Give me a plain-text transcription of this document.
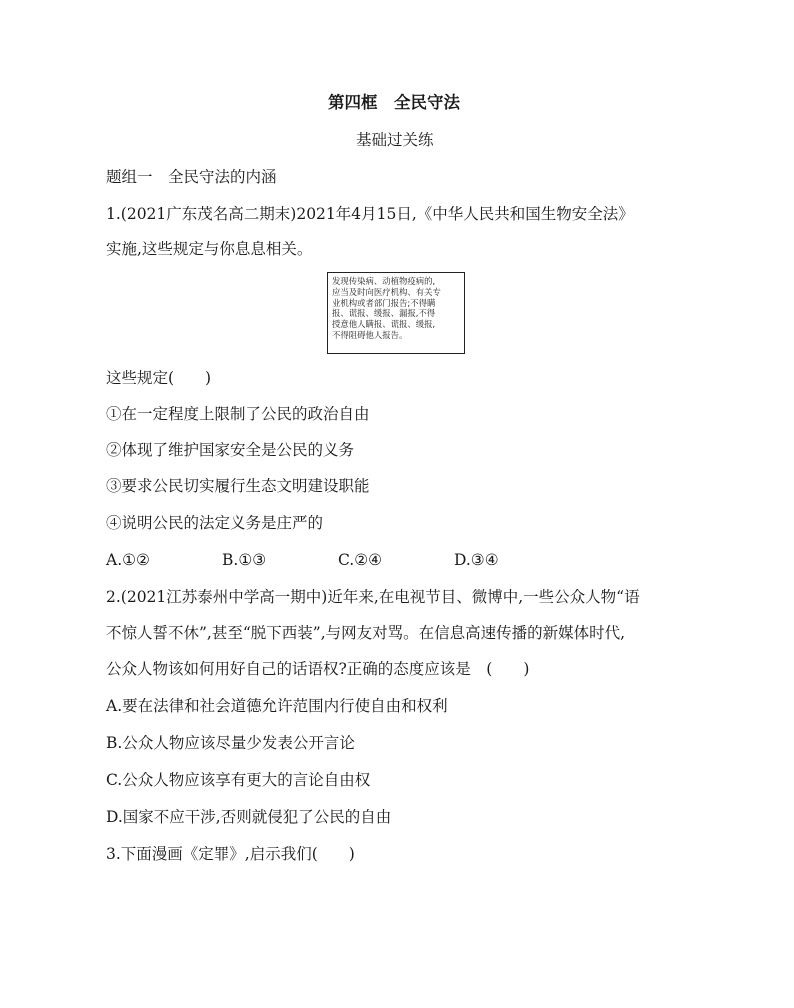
第四框　全民守法
基础过关练
题组一　全民守法的内涵
1.(2021广东茂名高二期末)2021年4月15日,《中华人民共和国生物安全法》
实施,这些规定与你息息相关。
发现传染病、动植物疫病的,
应当及时向医疗机构、有关专
业机构或者部门报告;不得瞒
报、谎报、缓报、漏报,不得
授意他人瞒报、谎报、缓报,
不得阻碍他人报告。
这些规定(　　)
①在一定程度上限制了公民的政治自由
②体现了维护国家安全是公民的义务
③要求公民切实履行生态文明建设职能
④说明公民的法定义务是庄严的
A.①②	B.①③	C.②④	D.③④
2.(2021江苏泰州中学高一期中)近年来,在电视节目、微博中,一些公众人物“语
不惊人誓不休”,甚至“脱下西装”,与网友对骂。在信息高速传播的新媒体时代,
公众人物该如何用好自己的话语权?正确的态度应该是　(　　)
A.要在法律和社会道德允许范围内行使自由和权利
B.公众人物应该尽量少发表公开言论
C.公众人物应该享有更大的言论自由权
D.国家不应干涉,否则就侵犯了公民的自由
3.下面漫画《定罪》,启示我们(　　)
